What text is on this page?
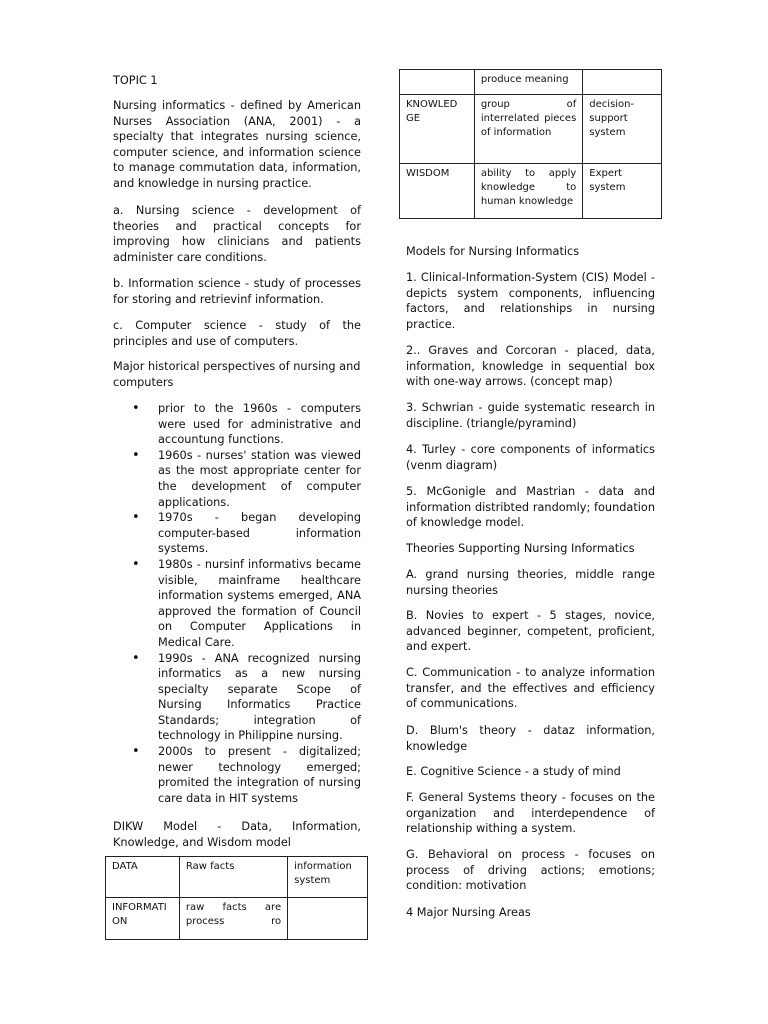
TOPIC 1

Nursing informatics - defined by American Nurses Association (ANA, 2001) - a specialty that integrates nursing science, computer science, and information science to manage commutation data, information, and knowledge in nursing practice.

a. Nursing science - development of theories and practical concepts for improving how clinicians and patients administer care conditions.

b. Information science - study of processes for storing and retrievinf information.

c. Computer science - study of the principles and use of computers.

Major historical perspectives of nursing and computers

• prior to the 1960s - computers were used for administrative and accountung functions.
• 1960s - nurses' station was viewed as the most appropriate center for the development of computer applications.
• 1970s - began developing computer-based information systems.
• 1980s - nursinf informativs became visible, mainframe healthcare information systems emerged, ANA approved the formation of Council on Computer Applications in Medical Care.
• 1990s - ANA recognized nursing informatics as a new nursing specialty separate Scope of Nursing Informatics Practice Standards; integration of technology in Philippine nursing.
• 2000s to present - digitalized; newer technology emerged; promited the integration of nursing care data in HIT systems

DIKW Model - Data, Information, Knowledge, and Wisdom model

DATA	Raw facts	information system
INFORMATI ON	raw facts are process ro	
	produce meaning	
KNOWLED GE	group of interrelated pieces of information	decision-support system
WISDOM	ability to apply knowledge to human knowledge	Expert system

Models for Nursing Informatics

1. Clinical-Information-System (CIS) Model - depicts system components, influencing factors, and relationships in nursing practice.

2.. Graves and Corcoran - placed, data, information, knowledge in sequential box with one-way arrows. (concept map)

3. Schwrian - guide systematic research in discipline. (triangle/pyramind)

4. Turley - core components of informatics (venm diagram)

5. McGonigle and Mastrian - data and information distribted randomly; foundation of knowledge model.

Theories Supporting Nursing Informatics

A. grand nursing theories, middle range nursing theories

B. Novies to expert - 5 stages, novice, advanced beginner, competent, proficient, and expert.

C. Communication - to analyze information transfer, and the effectives and efficiency of communications.

D. Blum's theory - dataz information, knowledge

E. Cognitive Science - a study of mind

F. General Systems theory - focuses on the organization and interdependence of relationship withing a system.

G. Behavioral on process - focuses on process of driving actions; emotions; condition: motivation

4 Major Nursing Areas
